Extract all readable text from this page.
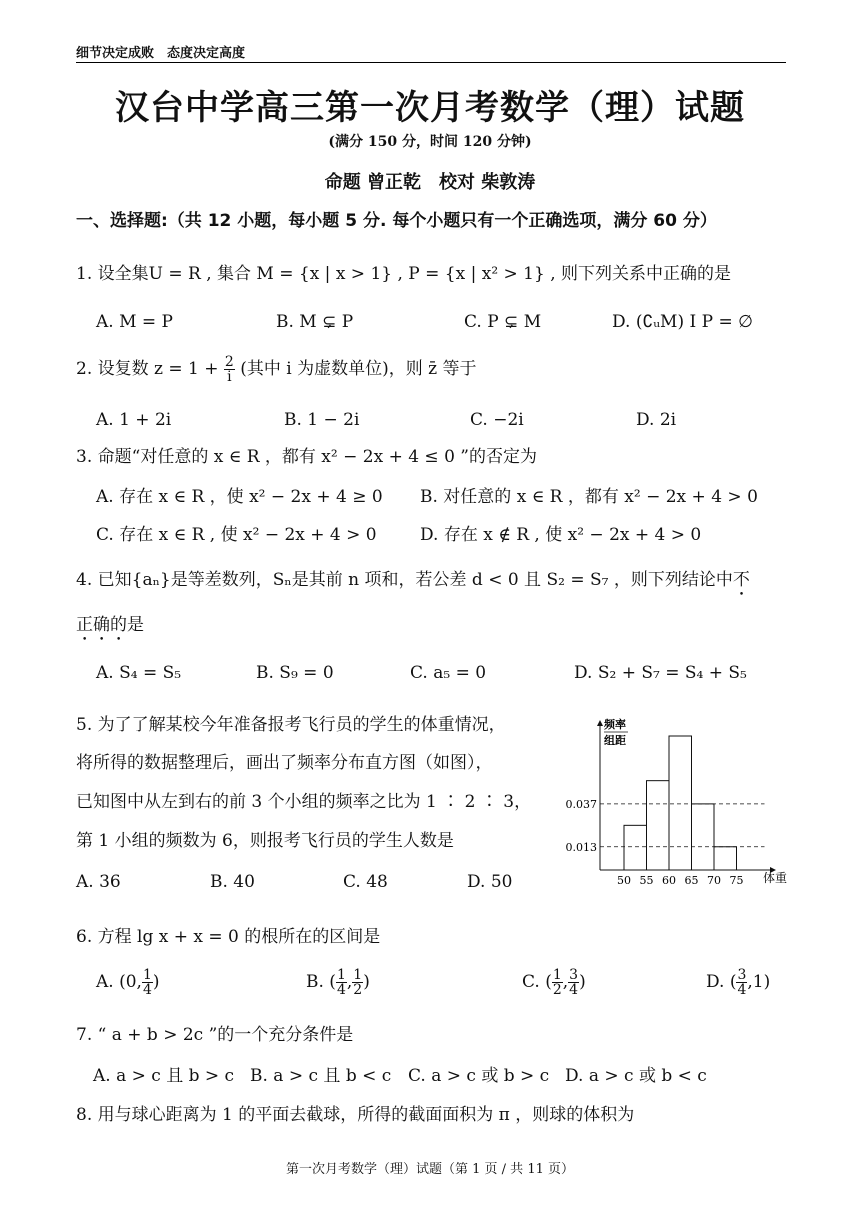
细节决定成败　态度决定高度
汉台中学高三第一次月考数学（理）试题
(满分 150 分，时间 120 分钟)
命题 曾正乾　校对 柴敦涛
一、选择题:（共 12 小题，每小题 5 分. 每个小题只有一个正确选项，满分 60 分）
1. 设全集U = R , 集合 M = {x | x > 1} , P = {x | x² > 1} , 则下列关系中正确的是
A. M = P	B. M ⊊ P	C. P ⊊ M	D. (∁ᵤM) I P = ∅
2. 设复数 $z = 1 + \frac{2}{i}$ (其中 i 为虚数单位)，则 z̄ 等于
A. 1 + 2i	B. 1 − 2i	C. −2i	D. 2i
3. 命题“对任意的 x ∈ R ，都有 x² − 2x + 4 ≤ 0 ”的否定为
A. 存在 x ∈ R ，使 x² − 2x + 4 ≥ 0 B. 对任意的 x ∈ R ，都有 x² − 2x + 4 > 0
C. 存在 x ∈ R , 使 x² − 2x + 4 > 0	D. 存在 x ∉ R , 使 x² − 2x + 4 > 0
4. 已知{aₙ}是等差数列，Sₙ是其前 n 项和，若公差 d < 0 且 S₂ = S₇ ，则下列结论中不
正确的是
A. S₄ = S₅	B. S₉ = 0	C. a₅ = 0	D. S₂ + S₇ = S₄ + S₅
5. 为了了解某校今年准备报考飞行员的学生的体重情况，
将所得的数据整理后，画出了频率分布直方图（如图），
已知图中从左到右的前 3 个小组的频率之比为 1 ∶ 2 ∶ 3，
第 1 小组的频数为 6，则报考飞行员的学生人数是
A. 36	B. 40	C. 48	D. 50
频率
组距
体重
0.037
0.013
50 55 60 65 70 75
6. 方程 lg x + x = 0 的根所在的区间是
A. (0, $\frac{1}{4}$ )	B. ( $\frac{1}{4}$ , $\frac{1}{2}$ )	C. ( $\frac{1}{2}$ , $\frac{3}{4}$ )	D. ( $\frac{3}{4} ,1$)
7. “ a + b > 2c ”的一个充分条件是
A. a > c 且 b > c B. a > c 且 b < c C. a > c 或 b > c D. a > c 或 b < c
8. 用与球心距离为 1 的平面去截球，所得的截面面积为 π ，则球的体积为
第一次月考数学（理）试题（第 1 页 / 共 11 页）
